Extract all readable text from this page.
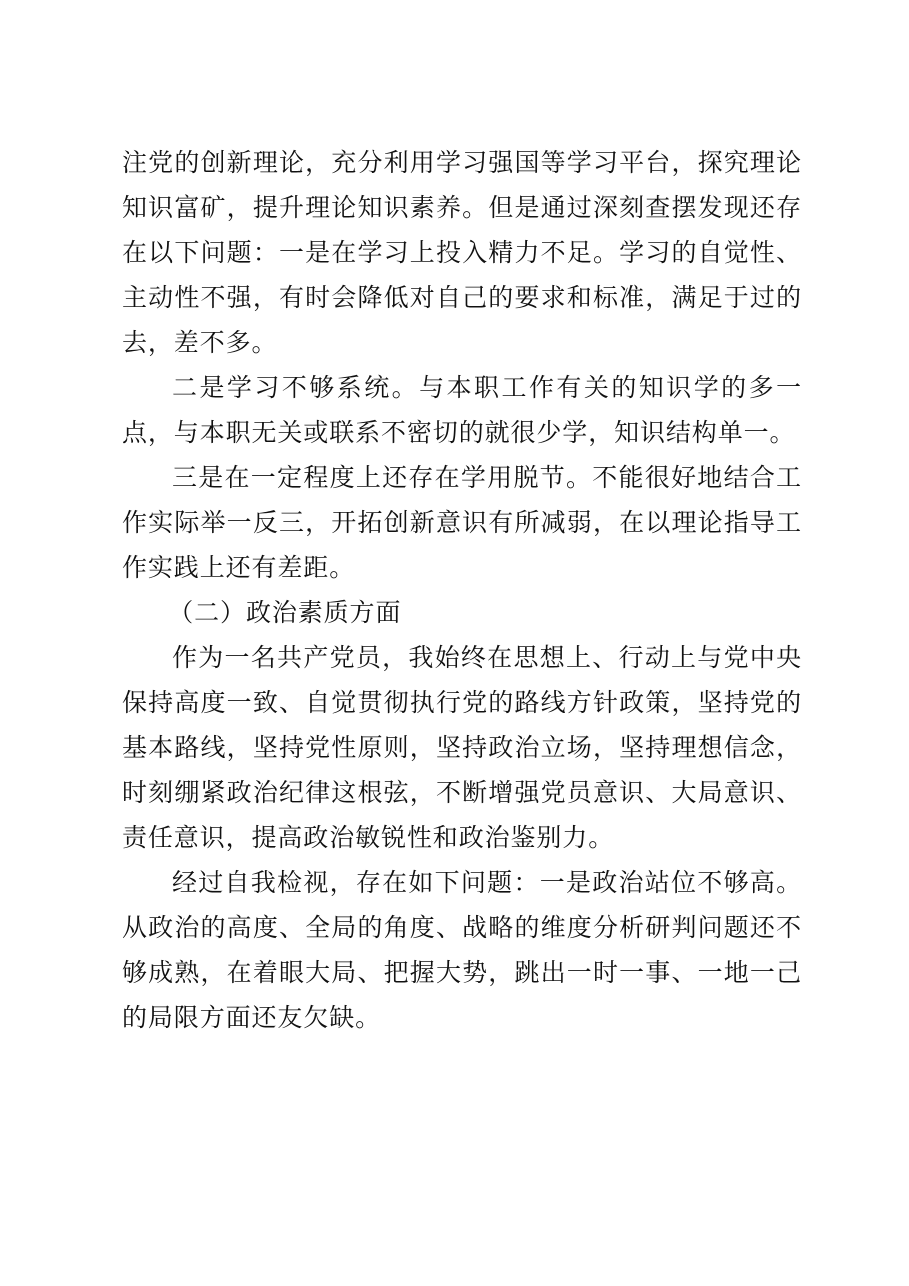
注党的创新理论，充分利用学习强国等学习平台，探究理论知识富矿，提升理论知识素养。但是通过深刻查摆发现还存在以下问题：一是在学习上投入精力不足。学习的自觉性、主动性不强，有时会降低对自己的要求和标准，满足于过的去，差不多。

二是学习不够系统。与本职工作有关的知识学的多一点，与本职无关或联系不密切的就很少学，知识结构单一。

三是在一定程度上还存在学用脱节。不能很好地结合工作实际举一反三，开拓创新意识有所减弱，在以理论指导工作实践上还有差距。

（二）政治素质方面

作为一名共产党员，我始终在思想上、行动上与党中央保持高度一致、自觉贯彻执行党的路线方针政策，坚持党的基本路线，坚持党性原则，坚持政治立场，坚持理想信念，时刻绷紧政治纪律这根弦，不断增强党员意识、大局意识、责任意识，提高政治敏锐性和政治鉴别力。

经过自我检视，存在如下问题：一是政治站位不够高。从政治的高度、全局的角度、战略的维度分析研判问题还不够成熟，在着眼大局、把握大势，跳出一时一事、一地一己的局限方面还友欠缺。
